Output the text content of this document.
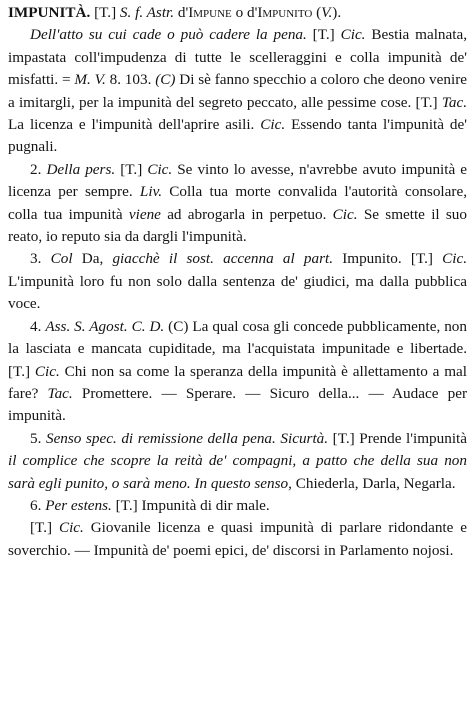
IMPUNITÀ. [T.] S. f. Astr. d'Impune o d'Impunito (V.).

Dell'atto su cui cade o può cadere la pena. [T.] Cic. Bestia malnata, impastata coll'impudenza di tutte le scelleraggini e colla impunità de' misfatti. = M. V. 8. 103. (C) Di sè fanno specchio a coloro che deono venire a imitargli, per la impunità del segreto peccato, alle pessime cose. [T.] Tac. La licenza e l'impunità dell'aprire asili. Cic. Essendo tanta l'impunità de' pugnali.

2. Della pers. [T.] Cic. Se vinto lo avesse, n'avrebbe avuto impunità e licenza per sempre. Liv. Colla tua morte convalida l'autorità consolare, colla tua impunità viene ad abrogarla in perpetuo. Cic. Se smette il suo reato, io reputo sia da dargli l'impunità.

3. Col Da, giacchè il sost. accenna al part. Impunito. [T.] Cic. L'impunità loro fu non solo dalla sentenza de' giudici, ma dalla pubblica voce.

4. Ass. S. Agost. C. D. (C) La qual cosa gli concede pubblicamente, non la lasciata e mancata cupiditade, ma l'acquistata impunitade e libertade. [T.] Cic. Chi non sa come la speranza della impunità è allettamento a mal fare? Tac. Promettere. — Sperare. — Sicuro della... — Audace per impunità.

5. Senso spec. di remissione della pena. Sicurtà. [T.] Prende l'impunità il complice che scopre la reità de' compagni, a patto che della sua non sarà egli punito, o sarà meno. In questo senso, Chiederla, Darla, Negarla.

6. Per estens. [T.] Impunità di dir male.

[T.] Cic. Giovanile licenza e quasi impunità di parlare ridondante e soverchio. — Impunità de' poemi epici, de' discorsi in Parlamento nojosi.
